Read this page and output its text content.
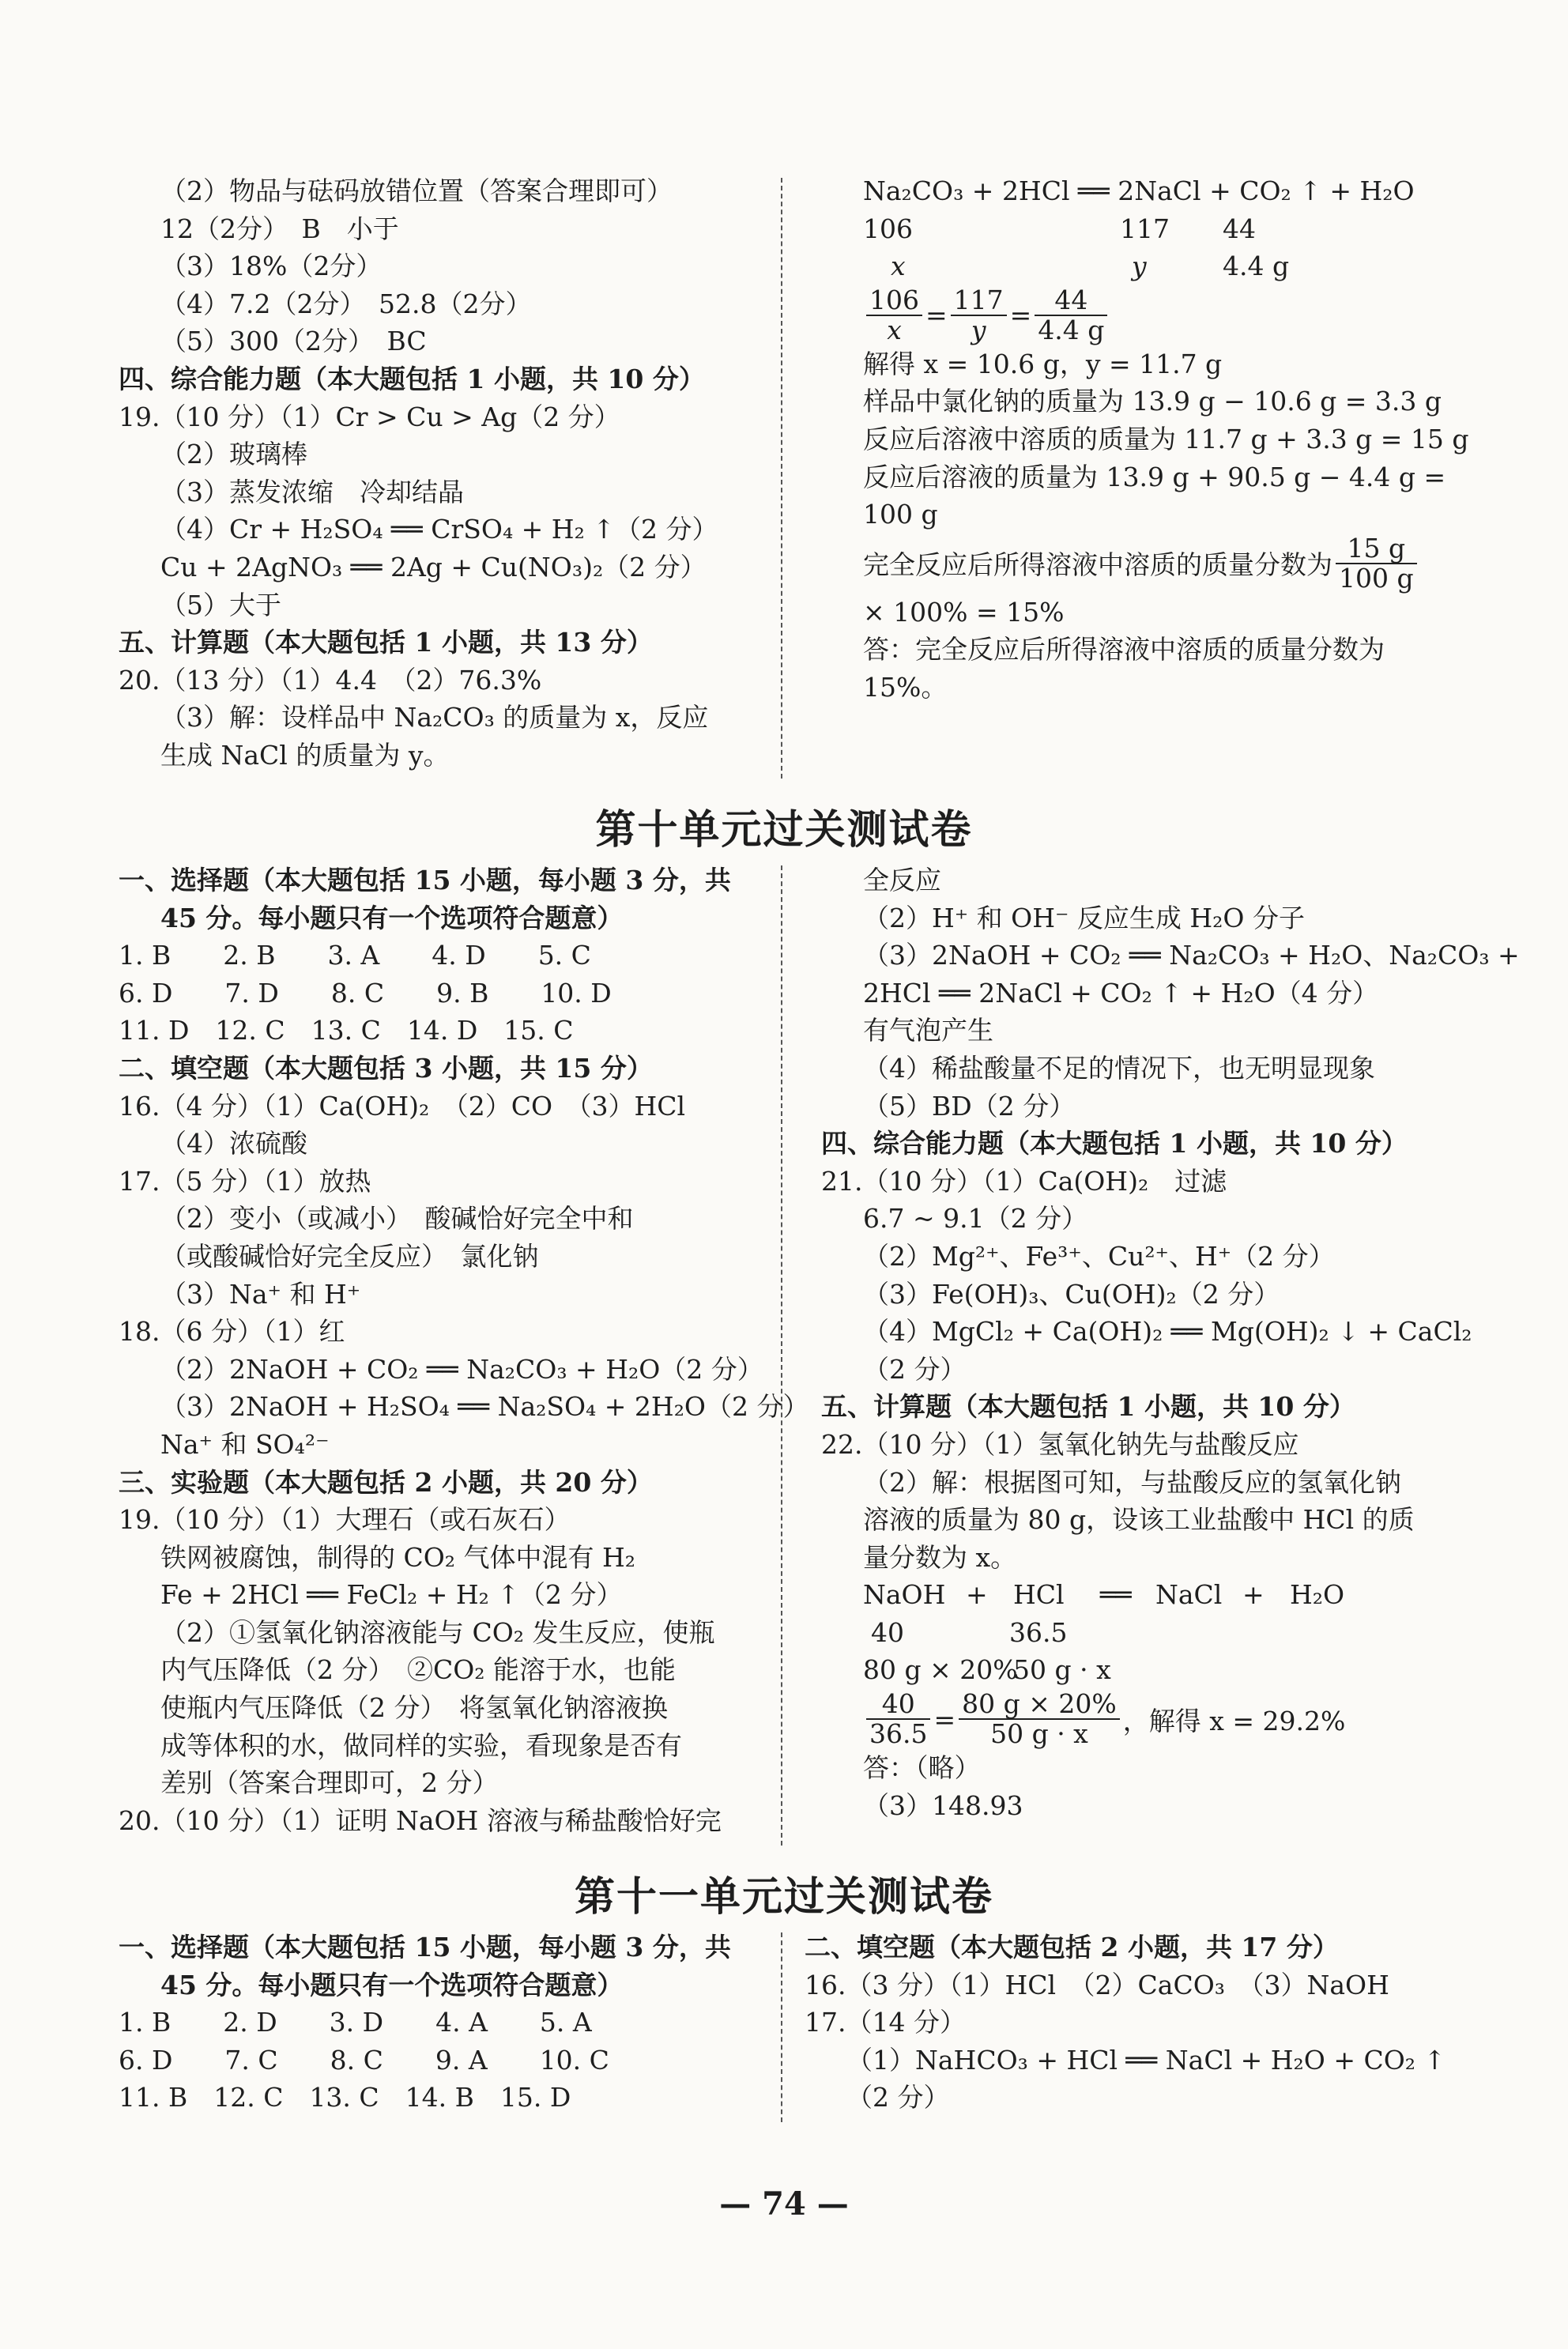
（2）物品与砝码放错位置（答案合理即可）
12（2分）　B　小于
（3）18%（2分）
（4）7.2（2分）　52.8（2分）
（5）300（2分）　BC
四、综合能力题（本大题包括 1 小题，共 10 分）
19.（10 分）（1）Cr > Cu > Ag（2 分）
（2）玻璃棒
（3）蒸发浓缩　冷却结晶
（4）Cr + H₂SO₄ ══ CrSO₄ + H₂ ↑（2 分）
Cu + 2AgNO₃ ══ 2Ag + Cu(NO₃)₂（2 分）
（5）大于
五、计算题（本大题包括 1 小题，共 13 分）
20.（13 分）（1）4.4　（2）76.3%
（3）解：设样品中 Na₂CO₃ 的质量为 x，反应
生成 NaCl 的质量为 y。
Na₂CO₃ + 2HCl ══ 2NaCl + CO₂ ↑ + H₂O
106	117 44
x	y	4.4 g
$\frac{106}{x} = \frac{117}{y} = \frac{44}{4.4 g}$
解得 x = 10.6 g，y = 11.7 g
样品中氯化钠的质量为 13.9 g − 10.6 g = 3.3 g
反应后溶液中溶质的质量为 11.7 g + 3.3 g = 15 g
反应后溶液的质量为 13.9 g + 90.5 g − 4.4 g =
100 g
完全反应后所得溶液中溶质的质量分数为 $\frac{15 g}{100 g}$
× 100% = 15%
答：完全反应后所得溶液中溶质的质量分数为
15%。
第十单元过关测试卷
一、选择题（本大题包括 15 小题，每小题 3 分，共
45 分。每小题只有一个选项符合题意）
1. B　　2. B　　3. A　　4. D　　5. C
6. D　　7. D　　8. C　　9. B　　10. D
11. D　12. C　13. C　14. D　15. C
二、填空题（本大题包括 3 小题，共 15 分）
16.（4 分）（1）Ca(OH)₂　（2）CO　（3）HCl
（4）浓硫酸
17.（5 分）（1）放热
（2）变小（或减小）　酸碱恰好完全中和
（或酸碱恰好完全反应）　氯化钠
（3）Na⁺ 和 H⁺
18.（6 分）（1）红
（2）2NaOH + CO₂ ══ Na₂CO₃ + H₂O（2 分）
（3）2NaOH + H₂SO₄ ══ Na₂SO₄ + 2H₂O（2 分）
Na⁺ 和 SO₄²⁻
三、实验题（本大题包括 2 小题，共 20 分）
19.（10 分）（1）大理石（或石灰石）
铁网被腐蚀，制得的 CO₂ 气体中混有 H₂
Fe + 2HCl ══ FeCl₂ + H₂ ↑（2 分）
（2）①氢氧化钠溶液能与 CO₂ 发生反应，使瓶
内气压降低（2 分）　②CO₂ 能溶于水，也能
使瓶内气压降低（2 分）　将氢氧化钠溶液换
成等体积的水，做同样的实验，看现象是否有
差别（答案合理即可，2 分）
20.（10 分）（1）证明 NaOH 溶液与稀盐酸恰好完
全反应
（2）H⁺ 和 OH⁻ 反应生成 H₂O 分子
（3）2NaOH + CO₂ ══ Na₂CO₃ + H₂O、Na₂CO₃ +
2HCl ══ 2NaCl + CO₂ ↑ + H₂O（4 分）
有气泡产生
（4）稀盐酸量不足的情况下，也无明显现象
（5）BD（2 分）
四、综合能力题（本大题包括 1 小题，共 10 分）
21.（10 分）（1）Ca(OH)₂　过滤
6.7 ~ 9.1（2 分）
（2）Mg²⁺、Fe³⁺、Cu²⁺、H⁺（2 分）
（3）Fe(OH)₃、Cu(OH)₂（2 分）
（4）MgCl₂ + Ca(OH)₂ ══ Mg(OH)₂ ↓ + CaCl₂
（2 分）
五、计算题（本大题包括 1 小题，共 10 分）
22.（10 分）（1）氢氧化钠先与盐酸反应
（2）解：根据图可知，与盐酸反应的氢氧化钠
溶液的质量为 80 g，设该工业盐酸中 HCl 的质
量分数为 x。
NaOH + HCl ══ NaCl + H₂O
40	36.5
80 g × 20%
50 g · x
$\frac{40}{36.5} = \frac{80 g \times 20\%}{50 g \cdot x}$ ，解得 x = 29.2%
答：（略）
（3）148.93
第十一单元过关测试卷
一、选择题（本大题包括 15 小题，每小题 3 分，共
45 分。每小题只有一个选项符合题意）
1. B　　2. D　　3. D　　4. A　　5. A
6. D　　7. C　　8. C　　9. A　　10. C
11. B　12. C　13. C　14. B　15. D
二、填空题（本大题包括 2 小题，共 17 分）
16.（3 分）（1）HCl　（2）CaCO₃　（3）NaOH
17.（14 分）
（1）NaHCO₃ + HCl ══ NaCl + H₂O + CO₂ ↑
（2 分）
— 74 —
